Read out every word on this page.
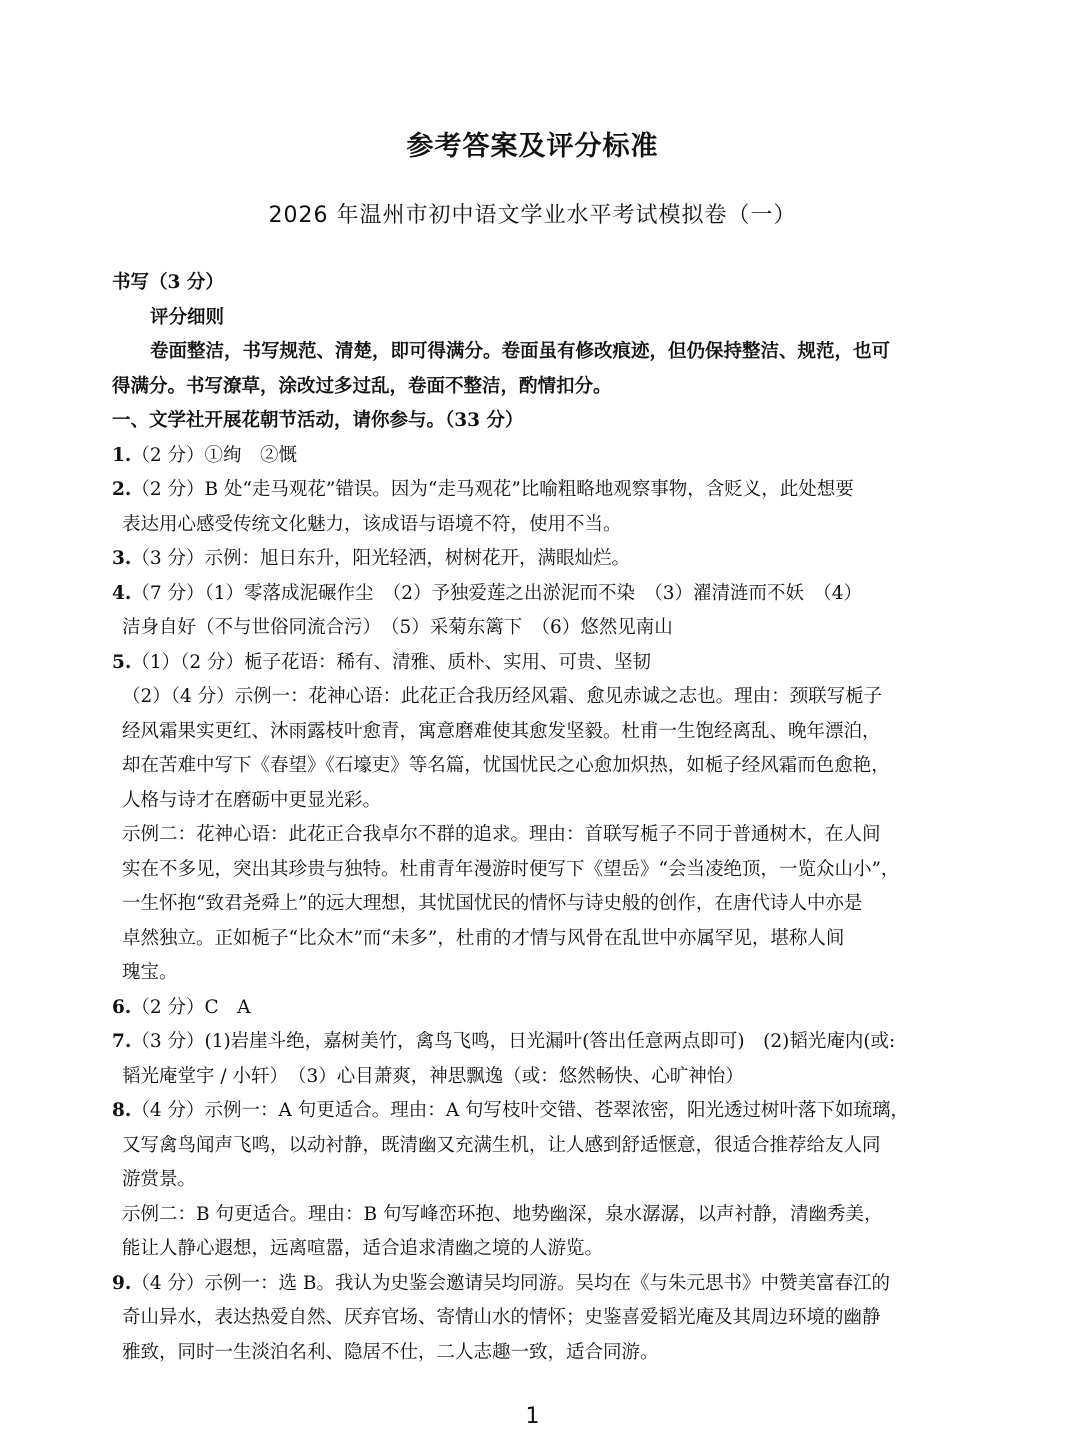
参考答案及评分标准
2026 年温州市初中语文学业水平考试模拟卷（一）
书写（3 分）
评分细则
卷面整洁，书写规范、清楚，即可得满分。卷面虽有修改痕迹，但仍保持整洁、规范，也可
得满分。书写潦草，涂改过多过乱，卷面不整洁，酌情扣分。
一、文学社开展花朝节活动，请你参与。（33 分）
1.（2 分）①绚　②慨
2.（2 分）B 处“走马观花”错误。因为“走马观花”比喻粗略地观察事物，含贬义，此处想要
表达用心感受传统文化魅力，该成语与语境不符，使用不当。
3.（3 分）示例：旭日东升，阳光轻洒，树树花开，满眼灿烂。
4.（7 分）（1）零落成泥碾作尘　（2）予独爱莲之出淤泥而不染　（3）濯清涟而不妖　（4）
洁身自好（不与世俗同流合污）　（5）采菊东篱下　（6）悠然见南山
5.（1）（2 分）栀子花语：稀有、清雅、质朴、实用、可贵、坚韧
（2）（4 分）示例一：花神心语：此花正合我历经风霜、愈见赤诚之志也。理由：颈联写栀子
经风霜果实更红、沐雨露枝叶愈青，寓意磨难使其愈发坚毅。杜甫一生饱经离乱、晚年漂泊，
却在苦难中写下《春望》《石壕吏》等名篇，忧国忧民之心愈加炽热，如栀子经风霜而色愈艳，
人格与诗才在磨砺中更显光彩。
示例二：花神心语：此花正合我卓尔不群的追求。理由：首联写栀子不同于普通树木，在人间
实在不多见，突出其珍贵与独特。杜甫青年漫游时便写下《望岳》“会当凌绝顶，一览众山小”，
一生怀抱“致君尧舜上”的远大理想，其忧国忧民的情怀与诗史般的创作，在唐代诗人中亦是
卓然独立。正如栀子“比众木”而“未多”，杜甫的才情与风骨在乱世中亦属罕见，堪称人间
瑰宝。
6.（2 分）C　A
7.（3 分）(1)岩崖斗绝，嘉树美竹，禽鸟飞鸣，日光漏叶(答出任意两点即可)　(2)韬光庵内(或:
韬光庵堂宇 / 小轩）　（3）心目萧爽，神思飘逸（或：悠然畅快、心旷神怡）
8.（4 分）示例一：A 句更适合。理由：A 句写枝叶交错、苍翠浓密，阳光透过树叶落下如琉璃，
又写禽鸟闻声飞鸣，以动衬静，既清幽又充满生机，让人感到舒适惬意，很适合推荐给友人同
游赏景。
示例二：B 句更适合。理由：B 句写峰峦环抱、地势幽深，泉水潺潺，以声衬静，清幽秀美，
能让人静心遐想，远离喧嚣，适合追求清幽之境的人游览。
9.（4 分）示例一：选 B。我认为史鉴会邀请吴均同游。吴均在《与朱元思书》中赞美富春江的
奇山异水，表达热爱自然、厌弃官场、寄情山水的情怀；史鉴喜爱韬光庵及其周边环境的幽静
雅致，同时一生淡泊名利、隐居不仕，二人志趣一致，适合同游。
1
